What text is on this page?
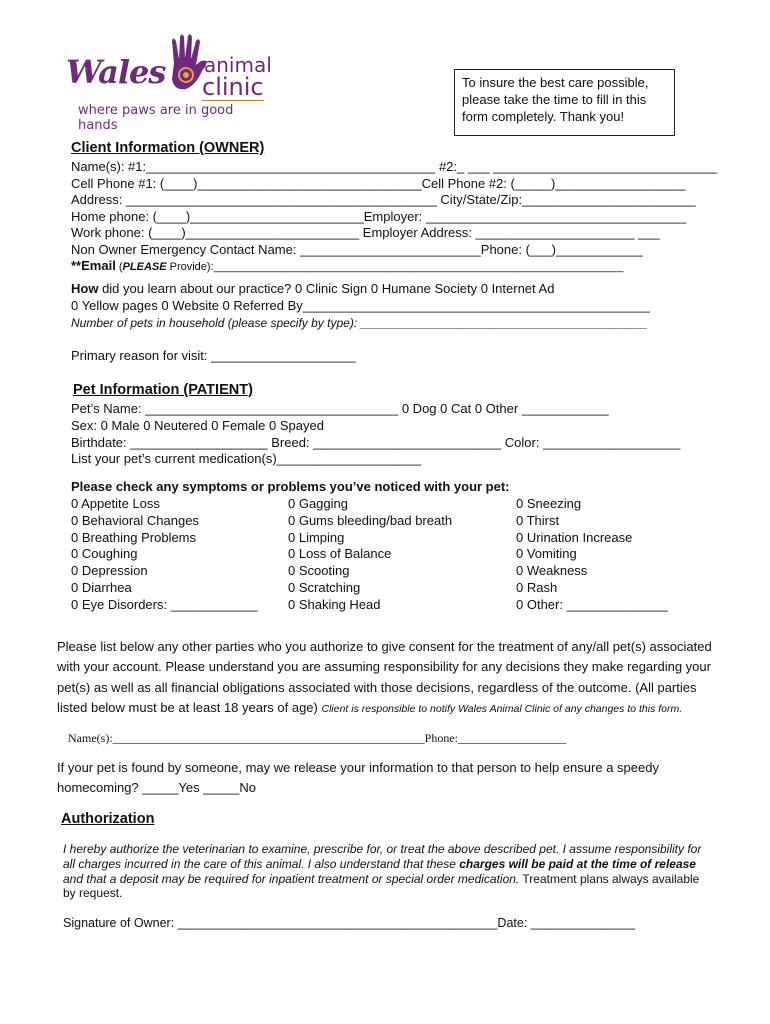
Wales animal
clinic
where paws are in good hands
To insure the best care possible, please take the time to fill in this form completely. Thank you!
Client Information (OWNER)
Name(s): #1:________________________________________ #2:_ ___ _______________________________
Cell Phone #1: (____)_______________________________Cell Phone #2: (_____)__________________
Address: ___________________________________________ City/State/Zip:________________________
Home phone: (____)________________________Employer: ____________________________________
Work phone: (____)________________________ Employer Address: ______________________ ___
Non Owner Emergency Contact Name: _________________________Phone: (___)____________
**Email (PLEASE Provide):___________________________________________________________________
How did you learn about our practice? 0 Clinic Sign 0 Humane Society 0 Internet Ad
0 Yellow pages 0 Website 0 Referred By________________________________________________
Number of pets in household (please specify by type): ___________________________________________
Primary reason for visit: ____________________
Pet Information (PATIENT)
Pet’s Name: ___________________________________ 0 Dog 0 Cat 0 Other ____________
Sex: 0 Male 0 Neutered 0 Female 0 Spayed
Birthdate: ___________________ Breed: __________________________ Color: ___________________
List your pet’s current medication(s)____________________
Please check any symptoms or problems you’ve noticed with your pet:
0 Appetite Loss
0 Behavioral Changes
0 Breathing Problems
0 Coughing
0 Depression
0 Diarrhea
0 Eye Disorders: ____________
0 Gagging
0 Gums bleeding/bad breath
0 Limping
0 Loss of Balance
0 Scooting
0 Scratching
0 Shaking Head
0 Sneezing
0 Thirst
0 Urination Increase
0 Vomiting
0 Weakness
0 Rash
0 Other: ______________
Please list below any other parties who you authorize to give consent for the treatment of any/all pet(s) associated with your account. Please understand you are assuming responsibility for any decisions they make regarding your pet(s) as well as all financial obligations associated with those decisions, regardless of the outcome. (All parties listed below must be at least 18 years of age) Client is responsible to notify Wales Animal Clinic of any changes to this form.
Name(s):____________________________________________________Phone:__________________
If your pet is found by someone, may we release your information to that person to help ensure a speedy homecoming? _____Yes _____No
Authorization
I hereby authorize the veterinarian to examine, prescribe for, or treat the above described pet. I assume responsibility for all charges incurred in the care of this animal. I also understand that these charges will be paid at the time of release and that a deposit may be required for inpatient treatment or special order medication. Treatment plans always available by request.
Signature of Owner: ______________________________________________Date: _______________
